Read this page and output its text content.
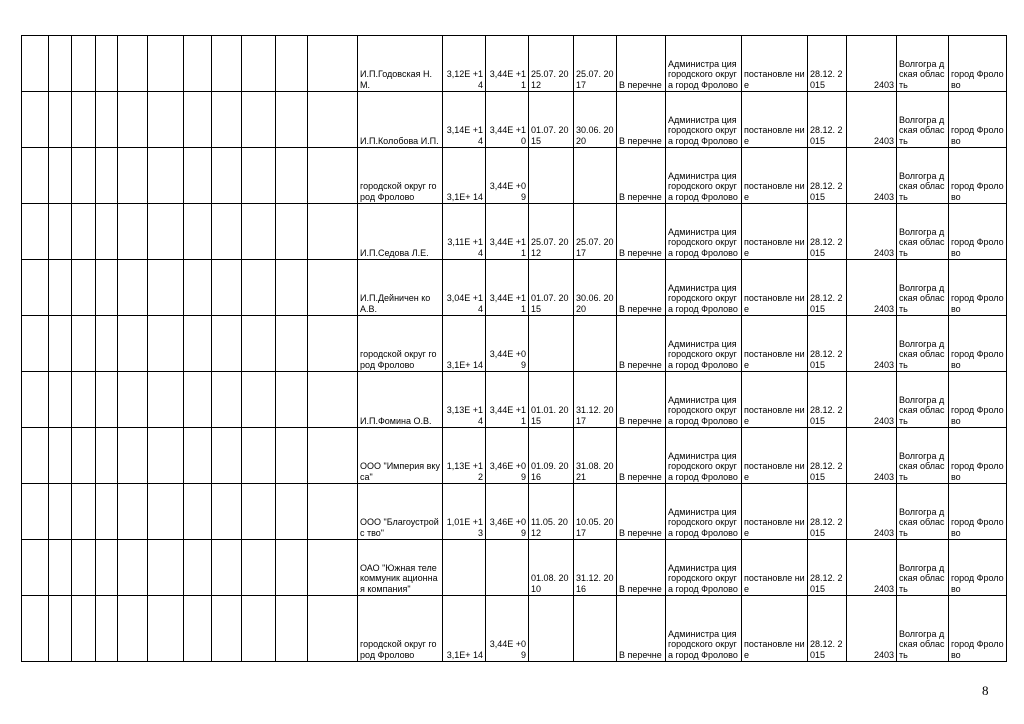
											И.П.Годовская Н.М.	3,12Е +14	3,44Е +11	25.07. 2012	25.07. 2017	В перечне	Администра ция городского округа город Фролово	постановле ние	28.12. 2015	2403	Волгогра дская область	город Фролово
											И.П.Колобова И.П.	3,14Е +14	3,44Е +10	01.07. 2015	30.06. 2020	В перечне	Администра ция городского округа город Фролово	постановле ние	28.12. 2015	2403	Волгогра дская область	город Фролово
											городской округ город Фролово	3,1Е+ 14	3,44Е +09			В перечне	Администра ция городского округа город Фролово	постановле ние	28.12. 2015	2403	Волгогра дская область	город Фролово
											И.П.Седова Л.Е.	3,11Е +14	3,44Е +11	25.07. 2012	25.07. 2017	В перечне	Администра ция городского округа город Фролово	постановле ние	28.12. 2015	2403	Волгогра дская область	город Фролово
											И.П.Дейничен ко А.В.	3,04Е +14	3,44Е +11	01.07. 2015	30.06. 2020	В перечне	Администра ция городского округа город Фролово	постановле ние	28.12. 2015	2403	Волгогра дская область	город Фролово
											городской округ город Фролово	3,1Е+ 14	3,44Е +09			В перечне	Администра ция городского округа город Фролово	постановле ние	28.12. 2015	2403	Волгогра дская область	город Фролово
											И.П.Фомина О.В.	3,13Е +14	3,44Е +11	01.01. 2015	31.12. 2017	В перечне	Администра ция городского округа город Фролово	постановле ние	28.12. 2015	2403	Волгогра дская область	город Фролово
											ООО "Империя вкуса"	1,13Е +12	3,46Е +09	01.09. 2016	31.08. 2021	В перечне	Администра ция городского округа город Фролово	постановле ние	28.12. 2015	2403	Волгогра дская область	город Фролово
											ООО "Благоустройс тво"	1,01Е +13	3,46Е +09	11.05. 2012	10.05. 2017	В перечне	Администра ция городского округа город Фролово	постановле ние	28.12. 2015	2403	Волгогра дская область	город Фролово
											ОАО "Южная телекоммуник ационная компания"			01.08. 2010	31.12. 2016	В перечне	Администра ция городского округа город Фролово	постановле ние	28.12. 2015	2403	Волгогра дская область	город Фролово
											городской округ город Фролово	3,1Е+ 14	3,44Е +09			В перечне	Администра ция городского округа город Фролово	постановле ние	28.12. 2015	2403	Волгогра дская область	город Фролово
8
